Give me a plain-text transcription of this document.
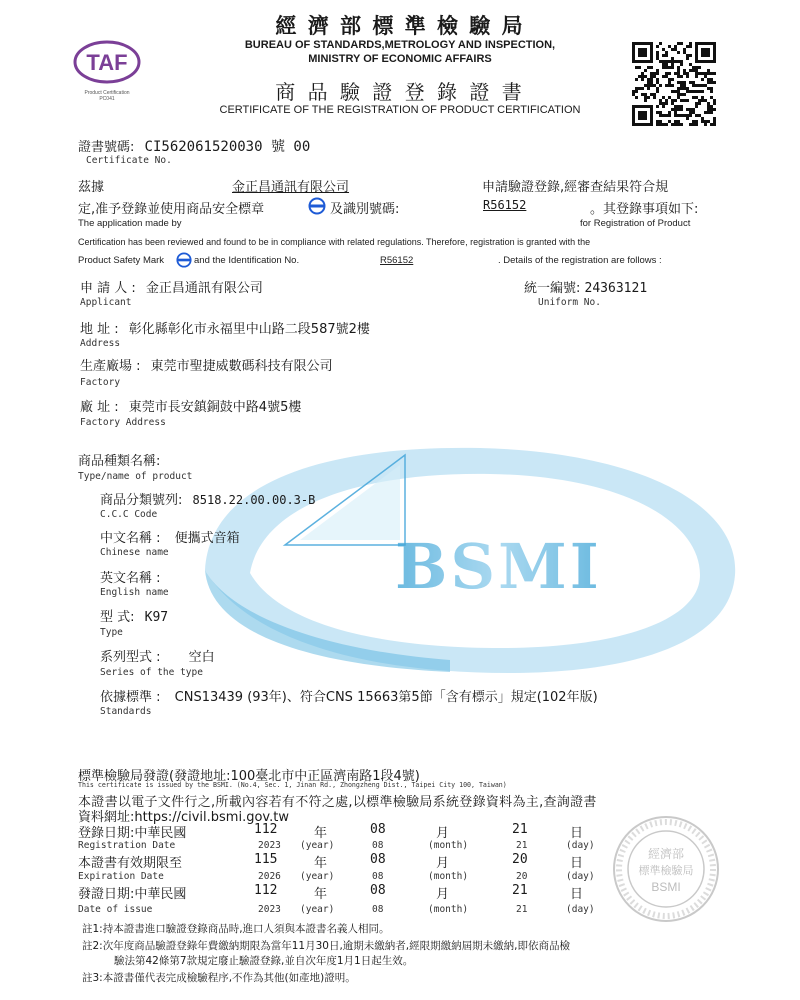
BSMI
TAF
Product Certification
PC041
經 濟 部 標 準 檢 驗 局
BUREAU OF STANDARDS,METROLOGY AND INSPECTION,
MINISTRY OF ECONOMIC AFFAIRS
商 品 驗 證 登 錄 證 書
CERTIFICATE OF THE REGISTRATION OF PRODUCT CERTIFICATION
證書號碼: CI562061520030 號 00
Certificate No.
茲據	金正昌通訊有限公司	申請驗證登錄,經審查結果符合規
定,准予登錄並使用商品安全標章	及識別號碼:	R56152	。其登錄事項如下:
The application made by	for Registration of Product
Certification has been reviewed and found to be in compliance with related regulations. Therefore, registration is granted with the
Product Safety Mark	and the Identification No.	R56152	. Details of the registration are follows :
申 請 人 : 金正昌通訊有限公司
Applicant
統一編號: 24363121
Uniform No.
地 址 : 彰化縣彰化市永福里中山路二段587號2樓
Address
生產廠場 : 東莞市聖捷威數碼科技有限公司
Factory
廠 址 : 東莞市長安鎮銅鼓中路4號5樓
Factory Address
商品種類名稱:
Type/name of product
商品分類號列: 8518.22.00.00.3-B
C.C.C Code
中文名稱 : 便攜式音箱
Chinese name
英文名稱 :
English name
型 式: K97
Type
系列型式 : 空白
Series of the type
依據標準 : CNS13439 (93年)、符合CNS 15663第5節「含有標示」規定(102年版)
Standards
標準檢驗局發證(發證地址:100臺北市中正區濟南路1段4號)
This certificate is issued by the BSMI. (No.4, Sec. 1, Jinan Rd., Zhongzheng Dist., Taipei City 100, Taiwan)
本證書以電子文件行之,所載內容若有不符之處,以標準檢驗局系統登錄資料為主,查詢證書
資料網址:https://civil.bsmi.gov.tw
經濟部
標準檢驗局
BSMI
登錄日期:中華民國	112	年	08	月	21	日
Registration Date	2023 (year)	08	(month)	21	(day)
本證書有效期限至	115	年	08	月	20	日
Expiration Date	2026 (year)	08	(month)	20	(day)
發證日期:中華民國	112	年	08	月	21	日
Date of issue	2023 (year)	08	(month)	21	(day)
註1:持本證書進口驗證登錄商品時,進口人須與本證書名義人相同。
註2:次年度商品驗證登錄年費繳納期限為當年11月30日,逾期未繳納者,經限期繳納屆期未繳納,即依商品檢
驗法第42條第7款規定廢止驗證登錄,並自次年度1月1日起生效。
註3:本證書僅代表完成檢驗程序,不作為其他(如產地)證明。
